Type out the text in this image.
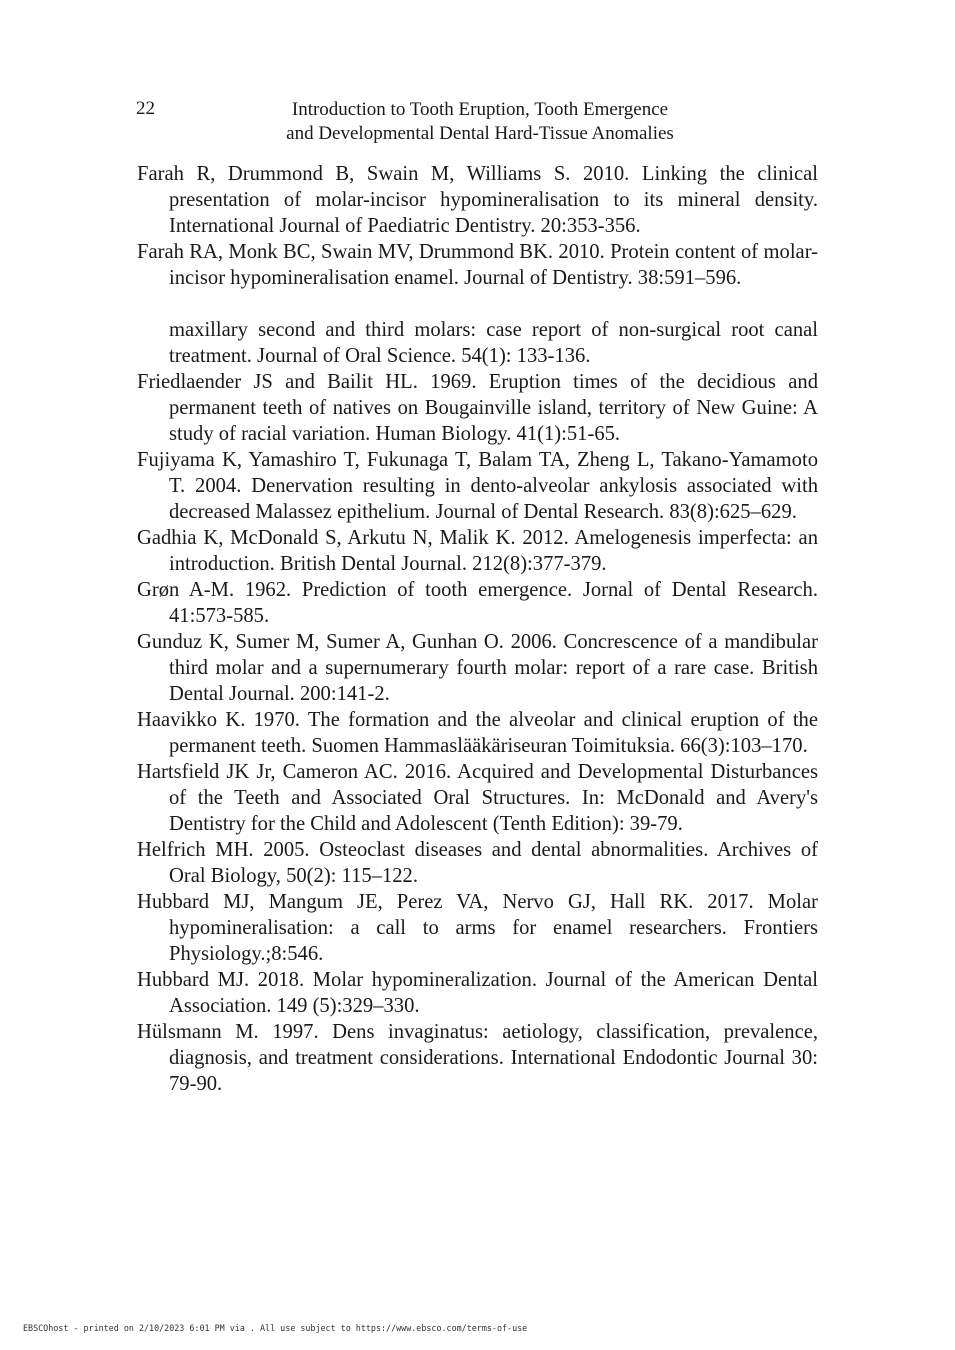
22	Introduction to Tooth Eruption, Tooth Emergence
and Developmental Dental Hard-Tissue Anomalies

Farah R, Drummond B, Swain M, Williams S. 2010. Linking the clinical presentation of molar-incisor hypomineralisation to its mineral density. International Journal of Paediatric Dentistry. 20:353-356.

Farah RA, Monk BC, Swain MV, Drummond BK. 2010. Protein content of molar-incisor hypomineralisation enamel. Journal of Dentistry. 38:591–596.

maxillary second and third molars: case report of non-surgical root canal treatment. Journal of Oral Science. 54(1): 133-136.

Friedlaender JS and Bailit HL. 1969. Eruption times of the decidious and permanent teeth of natives on Bougainville island, territory of New Guine: A study of racial variation. Human Biology. 41(1):51-65.

Fujiyama K, Yamashiro T, Fukunaga T, Balam TA, Zheng L, Takano-Yamamoto T. 2004. Denervation resulting in dento-alveolar ankylosis associated with decreased Malassez epithelium. Journal of Dental Research. 83(8):625–629.

Gadhia K, McDonald S, Arkutu N, Malik K. 2012. Amelogenesis imperfecta: an introduction. British Dental Journal. 212(8):377-379.

Grøn A-M. 1962. Prediction of tooth emergence. Jornal of Dental Research. 41:573-585.

Gunduz K, Sumer M, Sumer A, Gunhan O. 2006. Concrescence of a mandibular third molar and a supernumerary fourth molar: report of a rare case. British Dental Journal. 200:141-2.

Haavikko K. 1970. The formation and the alveolar and clinical eruption of the permanent teeth. Suomen Hammaslääkäriseuran Toimituksia. 66(3):103–170.

Hartsfield JK Jr, Cameron AC. 2016. Acquired and Developmental Disturbances of the Teeth and Associated Oral Structures. In: McDonald and Avery's Dentistry for the Child and Adolescent (Tenth Edition): 39-79.

Helfrich MH. 2005. Osteoclast diseases and dental abnormalities. Archives of Oral Biology, 50(2): 115–122.

Hubbard MJ, Mangum JE, Perez VA, Nervo GJ, Hall RK. 2017. Molar hypomineralisation: a call to arms for enamel researchers. Frontiers Physiology.;8:546.

Hubbard MJ. 2018. Molar hypomineralization. Journal of the American Dental Association. 149 (5):329–330.

Hülsmann M. 1997. Dens invaginatus: aetiology, classification, prevalence, diagnosis, and treatment considerations. International Endodontic Journal 30: 79-90.

EBSCOhost - printed on 2/10/2023 6:01 PM via . All use subject to https://www.ebsco.com/terms-of-use
